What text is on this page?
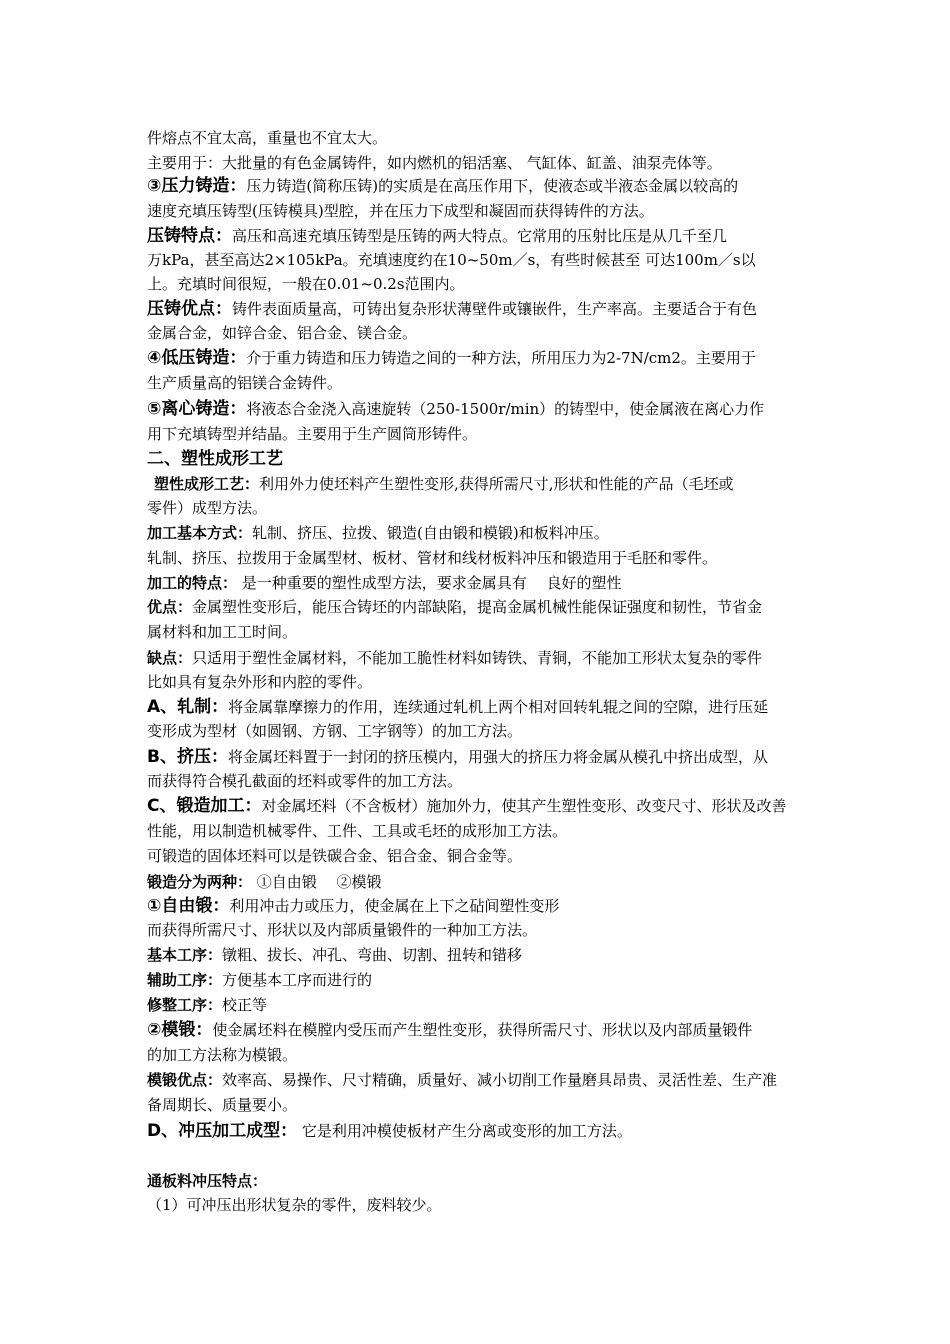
件熔点不宜太高，重量也不宜太大。
主要用于：大批量的有色金属铸件，如内燃机的铝活塞、 气缸体、缸盖、油泵壳体等。
③压力铸造：压力铸造(简称压铸)的实质是在高压作用下，使液态或半液态金属以较高的
速度充填压铸型(压铸模具)型腔，并在压力下成型和凝固而获得铸件的方法。
压铸特点：高压和高速充填压铸型是压铸的两大特点。它常用的压射比压是从几千至几
万kPa，甚至高达2×105kPa。充填速度约在10~50m／s，有些时候甚至 可达100m／s以
上。充填时间很短，一般在0.01~0.2s范围内。
压铸优点：铸件表面质量高，可铸出复杂形状薄壁件或镶嵌件，生产率高。主要适合于有色
金属合金，如锌合金、铝合金、镁合金。
④低压铸造：介于重力铸造和压力铸造之间的一种方法，所用压力为2-7N/cm2。主要用于
生产质量高的铝镁合金铸件。
⑤离心铸造：将液态合金浇入高速旋转（250-1500r/min）的铸型中，使金属液在离心力作
用下充填铸型并结晶。主要用于生产圆筒形铸件。
二、塑性成形工艺
塑性成形工艺：利用外力使坯料产生塑性变形,获得所需尺寸,形状和性能的产品（毛坯或
零件）成型方法。
加工基本方式：轧制、挤压、拉拨、锻造(自由锻和模锻)和板料冲压。
轧制、挤压、拉拨用于金属型材、板材、管材和线材板料冲压和锻造用于毛胚和零件。
加工的特点： 是一种重要的塑性成型方法，要求金属具有　 良好的塑性
优点：金属塑性变形后，能压合铸坯的内部缺陷，提高金属机械性能保证强度和韧性，节省金
属材料和加工工时间。
缺点：只适用于塑性金属材料，不能加工脆性材料如铸铁、青铜，不能加工形状太复杂的零件
比如具有复杂外形和内腔的零件。
A、轧制：将金属靠摩擦力的作用，连续通过轧机上两个相对回转轧辊之间的空隙，进行压延
变形成为型材（如圆钢、方钢、工字钢等）的加工方法。
B、挤压：将金属坯料置于一封闭的挤压模内，用强大的挤压力将金属从模孔中挤出成型，从
而获得符合模孔截面的坯料或零件的加工方法。
C、锻造加工：对金属坯料（不含板材）施加外力，使其产生塑性变形、改变尺寸、形状及改善
性能，用以制造机械零件、工件、工具或毛坯的成形加工方法。
可锻造的固体坯料可以是铁碳合金、铝合金、铜合金等。
锻造分为两种： ①自由锻　 ②模锻
①自由锻：利用冲击力或压力，使金属在上下之砧间塑性变形
而获得所需尺寸、形状以及内部质量锻件的一种加工方法。
基本工序：镦粗、拔长、冲孔、弯曲、切割、扭转和错移
辅助工序：方便基本工序而进行的
修整工序：校正等
②模锻：使金属坯料在模膛内受压而产生塑性变形，获得所需尺寸、形状以及内部质量锻件
的加工方法称为模锻。
模锻优点：效率高、易操作、尺寸精确，质量好、减小切削工作量磨具昂贵、灵活性差、生产准
备周期长、质量要小。
D、冲压加工成型： 它是利用冲模使板材产生分离或变形的加工方法。
通板料冲压特点：
（1）可冲压出形状复杂的零件，废料较少。
